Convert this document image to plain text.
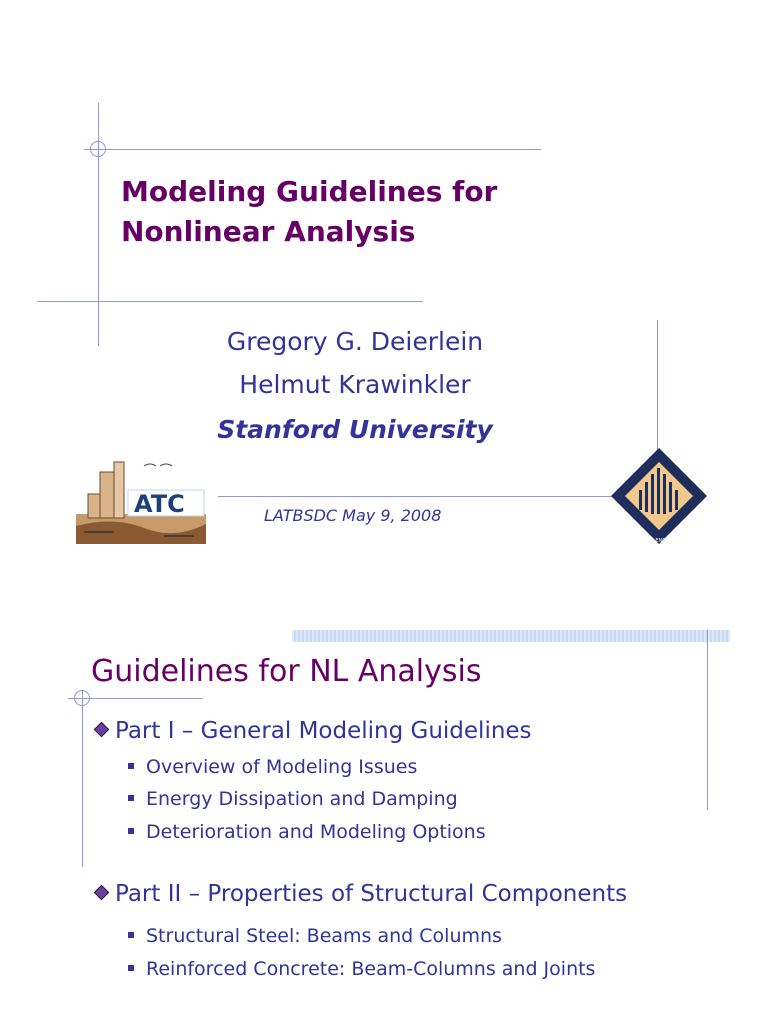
Modeling Guidelines for
Nonlinear Analysis
Gregory G. Deierlein
Helmut Krawinkler
Stanford University
ATC	LATBSDC May 9, 2008
PACIFIC EARTHQUAKE ENGINEERING RESEARCH
Guidelines for NL Analysis
Part I – General Modeling Guidelines
Overview of Modeling Issues
Energy Dissipation and Damping
Deterioration and Modeling Options
Part II – Properties of Structural Components
Structural Steel: Beams and Columns
Reinforced Concrete: Beam-Columns and Joints
